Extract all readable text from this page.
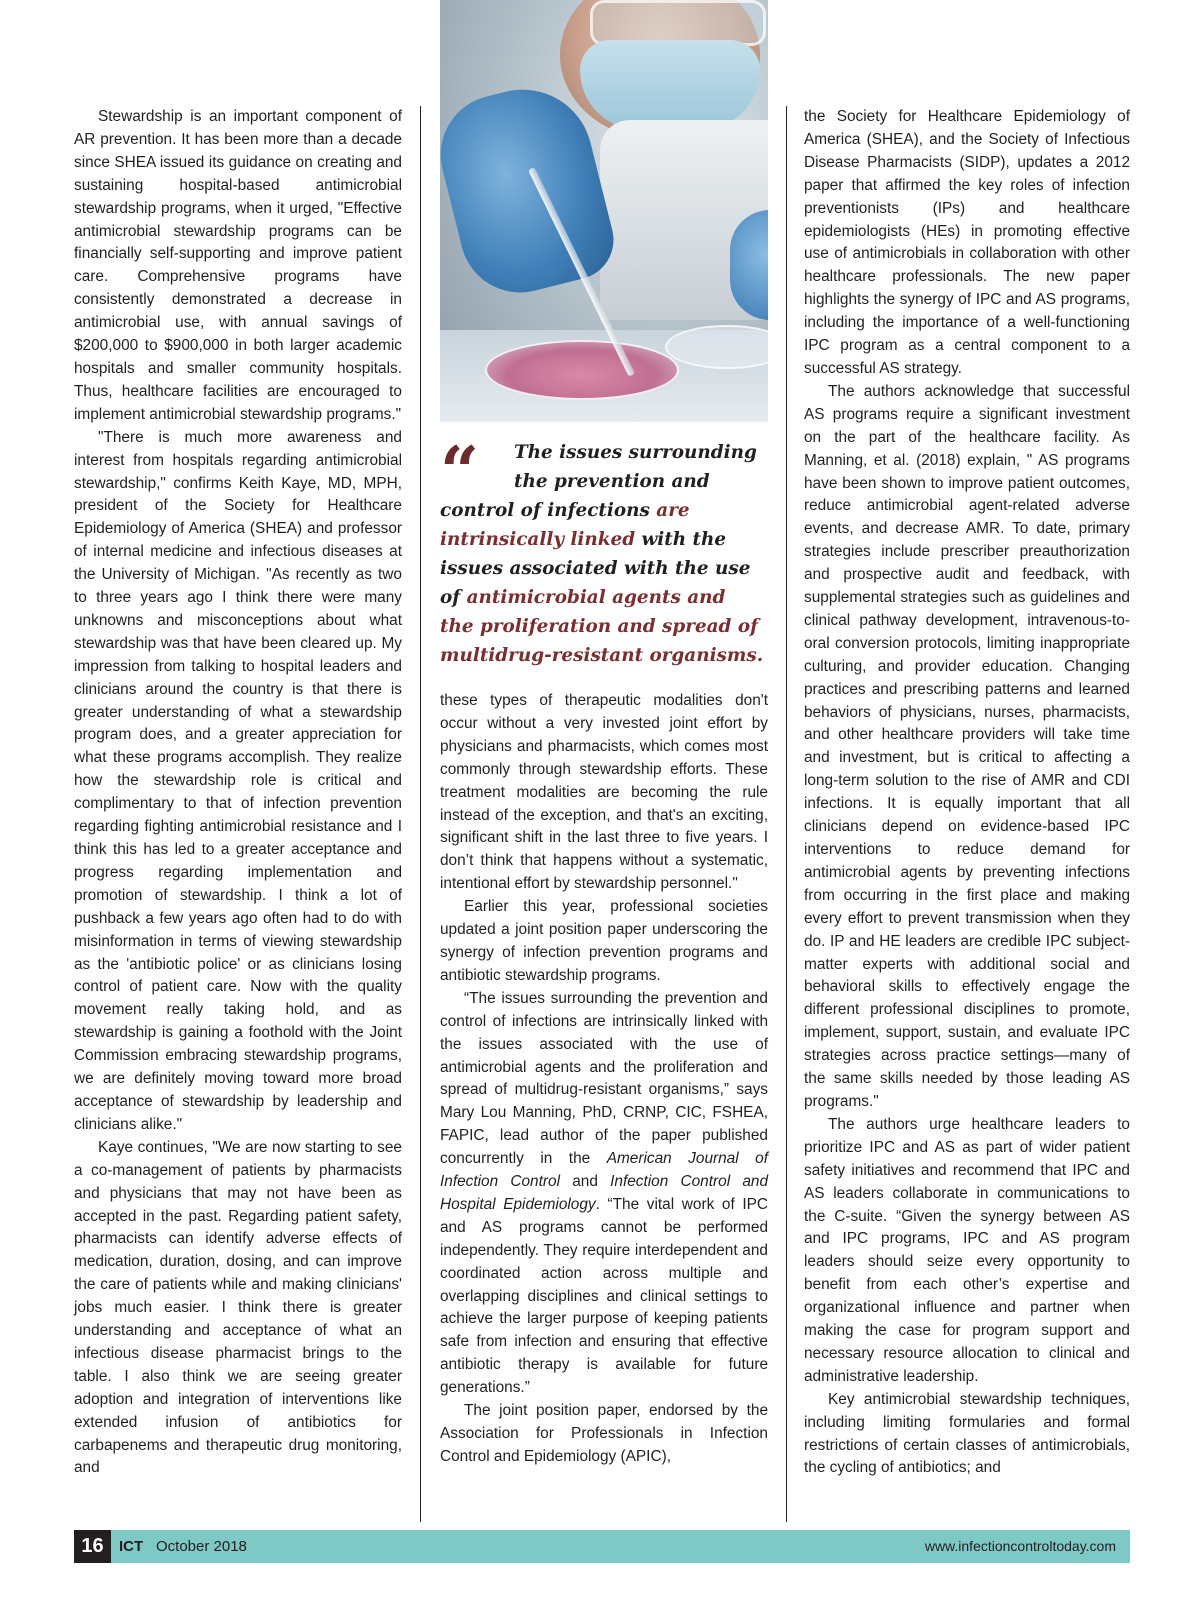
Stewardship is an important component of AR prevention. It has been more than a decade since SHEA issued its guidance on creating and sustaining hospital-based antimicrobial stewardship programs, when it urged, "Effective antimicrobial stewardship programs can be financially self-supporting and improve patient care. Comprehensive programs have consistently demonstrated a decrease in antimicrobial use, with annual savings of $200,000 to $900,000 in both larger academic hospitals and smaller community hospitals. Thus, healthcare facilities are encouraged to implement antimicrobial stewardship programs."

"There is much more awareness and interest from hospitals regarding antimicrobial stewardship," confirms Keith Kaye, MD, MPH, president of the Society for Healthcare Epidemiology of America (SHEA) and professor of internal medicine and infectious diseases at the University of Michigan. "As recently as two to three years ago I think there were many unknowns and misconceptions about what stewardship was that have been cleared up. My impression from talking to hospital leaders and clinicians around the country is that there is greater understanding of what a stewardship program does, and a greater appreciation for what these programs accomplish. They realize how the stewardship role is critical and complimentary to that of infection prevention regarding fighting antimicrobial resistance and I think this has led to a greater acceptance and progress regarding implementation and promotion of stewardship. I think a lot of pushback a few years ago often had to do with misinformation in terms of viewing stewardship as the 'antibiotic police' or as clinicians losing control of patient care. Now with the quality movement really taking hold, and as stewardship is gaining a foothold with the Joint Commission embracing stewardship programs, we are definitely moving toward more broad acceptance of stewardship by leadership and clinicians alike."

Kaye continues, "We are now starting to see a co-management of patients by pharmacists and physicians that may not have been as accepted in the past. Regarding patient safety, pharmacists can identify adverse effects of medication, duration, dosing, and can improve the care of patients while and making clinicians' jobs much easier. I think there is greater understanding and acceptance of what an infectious disease pharmacist brings to the table. I also think we are seeing greater adoption and integration of interventions like extended infusion of antibiotics for carbapenems and therapeutic drug monitoring, and

“	The issues surrounding
the prevention and
control of infections are
intrinsically linked with the
issues associated with the use
of antimicrobial agents and
the proliferation and spread of
multidrug-resistant organisms.

these types of therapeutic modalities don't occur without a very invested joint effort by physicians and pharmacists, which comes most commonly through stewardship efforts. These treatment modalities are becoming the rule instead of the exception, and that's an exciting, significant shift in the last three to five years. I don’t think that happens without a systematic, intentional effort by stewardship personnel."

Earlier this year, professional societies updated a joint position paper underscoring the synergy of infection prevention programs and antibiotic stewardship programs.

“The issues surrounding the prevention and control of infections are intrinsically linked with the issues associated with the use of antimicrobial agents and the proliferation and spread of multidrug-resistant organisms,” says Mary Lou Manning, PhD, CRNP, CIC, FSHEA, FAPIC, lead author of the paper published concurrently in the American Journal of Infection Control and Infection Control and Hospital Epidemiology. “The vital work of IPC and AS programs cannot be performed independently. They require interdependent and coordinated action across multiple and overlapping disciplines and clinical settings to achieve the larger purpose of keeping patients safe from infection and ensuring that effective antibiotic therapy is available for future generations.”

The joint position paper, endorsed by the Association for Professionals in Infection Control and Epidemiology (APIC),

the Society for Healthcare Epidemiology of America (SHEA), and the Society of Infectious Disease Pharmacists (SIDP), updates a 2012 paper that affirmed the key roles of infection preventionists (IPs) and healthcare epidemiologists (HEs) in promoting effective use of antimicrobials in collaboration with other healthcare professionals. The new paper highlights the synergy of IPC and AS programs, including the importance of a well-functioning IPC program as a central component to a successful AS strategy.

The authors acknowledge that successful AS programs require a significant investment on the part of the healthcare facility. As Manning, et al. (2018) explain, " AS programs have been shown to improve patient outcomes, reduce antimicrobial agent-related adverse events, and decrease AMR. To date, primary strategies include prescriber preauthorization and prospective audit and feedback, with supplemental strategies such as guidelines and clinical pathway development, intravenous-to-oral conversion protocols, limiting inappropriate culturing, and provider education. Changing practices and prescribing patterns and learned behaviors of physicians, nurses, pharmacists, and other healthcare providers will take time and investment, but is critical to affecting a long-term solution to the rise of AMR and CDI infections. It is equally important that all clinicians depend on evidence-based IPC interventions to reduce demand for antimicrobial agents by preventing infections from occurring in the first place and making every effort to prevent transmission when they do. IP and HE leaders are credible IPC subject-matter experts with additional social and behavioral skills to effectively engage the different professional disciplines to promote, implement, support, sustain, and evaluate IPC strategies across practice settings—many of the same skills needed by those leading AS programs."

The authors urge healthcare leaders to prioritize IPC and AS as part of wider patient safety initiatives and recommend that IPC and AS leaders collaborate in communications to the C-suite. “Given the synergy between AS and IPC programs, IPC and AS program leaders should seize every opportunity to benefit from each other’s expertise and organizational influence and partner when making the case for program support and necessary resource allocation to clinical and administrative leadership.

Key antimicrobial stewardship techniques, including limiting formularies and formal restrictions of certain classes of antimicrobials, the cycling of antibiotics; and

16	ICT October 2018	www.infectioncontroltoday.com
